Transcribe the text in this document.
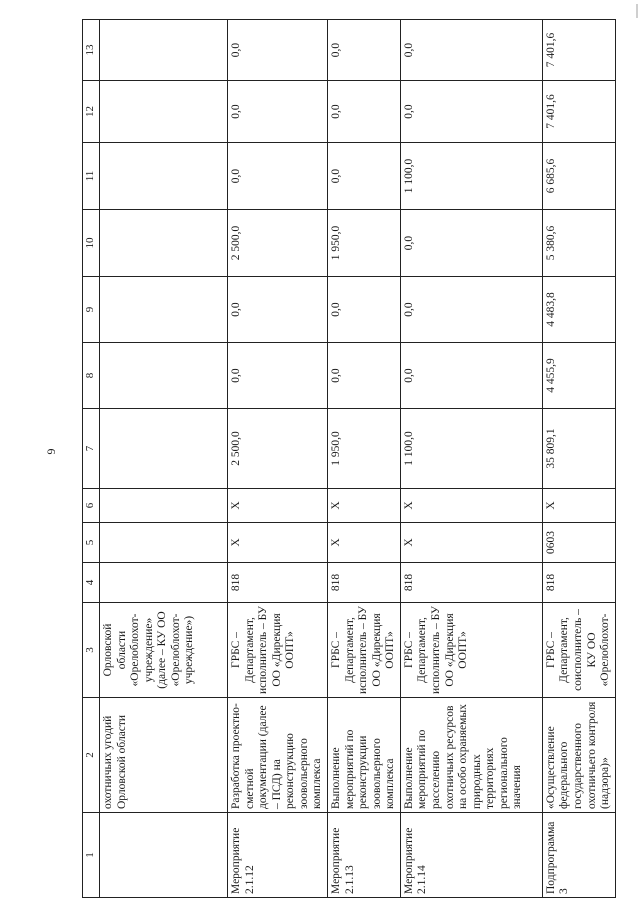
6
1	2	3	4	5	6	7	8	9	10	11	12	13
	охотничьих угодий Орловской области	Орловской области «Орелоблохот-учреждение» (далее – КУ ОО «Орелоблохот-учреждение»)										
Мероприятие 2.1.12	Разработка проектно-сметной документации (далее – ПСД) на реконструкцию зоовольерного комплекса	ГРБС – Департамент, исполнитель – БУ ОО «Дирекция ООПТ»	818	Х	Х	2 500,0	0,0	0,0	2 500,0	0,0	0,0	0,0
Мероприятие 2.1.13	Выполнение мероприятий по реконструкции зоовольерного комплекса	ГРБС – Департамент, исполнитель – БУ ОО «Дирекция ООПТ»	818	Х	Х	1 950,0	0,0	0,0	1 950,0	0,0	0,0	0,0
Мероприятие 2.1.14	Выполнение мероприятий по расселению охотничьих ресурсов на особо охраняемых природных территориях регионального значения	ГРБС – Департамент, исполнитель – БУ ОО «Дирекция ООПТ»	818	Х	Х	1 100,0	0,0	0,0	0,0	1 100,0	0,0	0,0
Подпрограмма 3	«Осуществление федерального государственного охотничьего контроля (надзора)»	ГРБС – Департамент, соисполнитель – КУ ОО «Орелоблохот-	818	0603	Х	35 809,1	4 455,9	4 483,8	5 380,6	6 685,6	7 401,6	7 401,6
